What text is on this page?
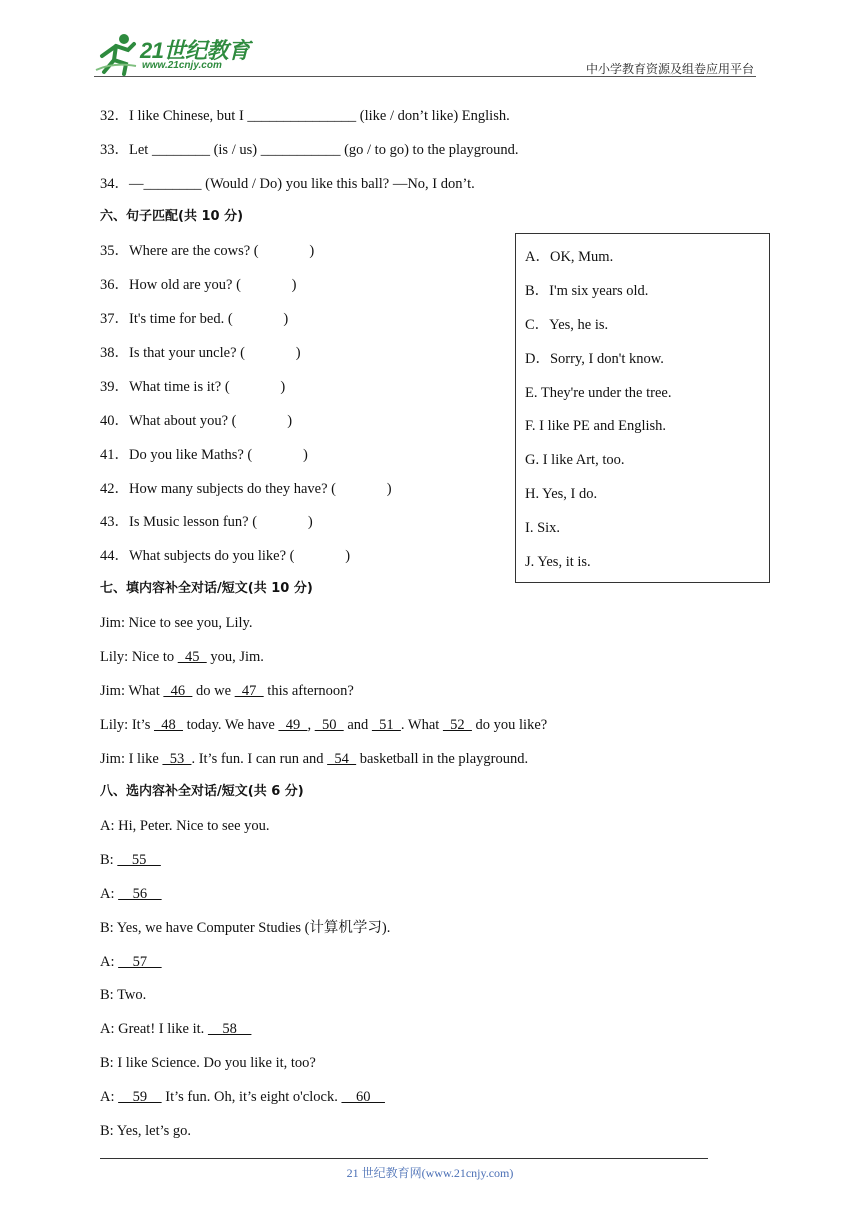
21世纪教育
www.21cnjy.com	中小学教育资源及组卷应用平台
32．I like Chinese, but I _______________ (like / don’t like) English.
33．Let ________ (is / us) ___________ (go / to go) to the playground.
34．—________ (Would / Do) you like this ball? —No, I don’t.
六、句子匹配(共 10 分)
35．Where are the cows? (              )
36．How old are you? (              )
37．It's time for bed. (              )
38．Is that your uncle? (              )
39．What time is it? (              )
40．What about you? (              )
41．Do you like Maths? (              )
42．How many subjects do they have? (              )
43．Is Music lesson fun? (              )
44．What subjects do you like? (              )
A．OK, Mum.
B．I'm six years old.
C．Yes, he is.
D．Sorry, I don't know.
E. They're under the tree.
F. I like PE and English.
G. I like Art, too.
H. Yes, I do.
I. Six.
J. Yes, it is.
七、填内容补全对话/短文(共 10 分)
Jim: Nice to see you, Lily.
Lily: Nice to   45   you, Jim.
Jim: What   46   do we   47   this afternoon?
Lily: It’s   48   today. We have   49  ,   50   and   51  . What   52   do you like?
Jim: I like   53  . It’s fun. I can run and   54   basketball in the playground.
八、选内容补全对话/短文(共 6 分)
A: Hi, Peter. Nice to see you.
B:     55
A:     56
B: Yes, we have Computer Studies (计算机学习).
A:     57
B: Two.
A: Great! I like it.     58
B: I like Science. Do you like it, too?
A:     59     It’s fun. Oh, it’s eight o'clock.     60
B: Yes, let’s go.
21 世纪教育网(www.21cnjy.com)
